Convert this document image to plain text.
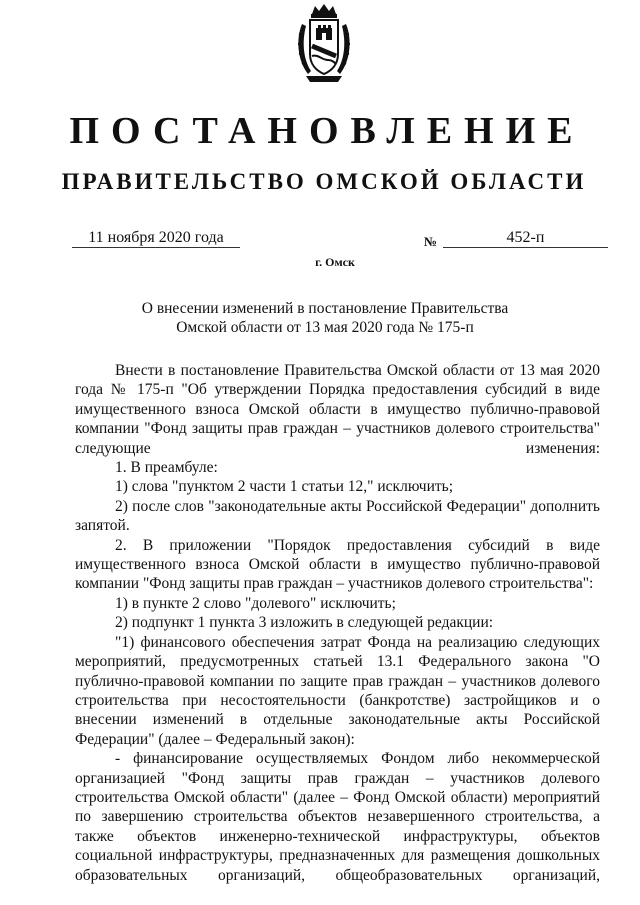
ПОСТАНОВЛЕНИЕ
ПРАВИТЕЛЬСТВО ОМСКОЙ ОБЛАСТИ
11 ноября 2020 года	№	452-п
г. Омск
О внесении изменений в постановление Правительства
Омской области от 13 мая 2020 года № 175-п

Внести в постановление Правительства Омской области от 13 мая 2020 года № 175-п "Об утверждении Порядка предоставления субсидий в виде имущественного взноса Омской области в имущество публично-правовой компании "Фонд защиты прав граждан – участников долевого строительства" следующие изменения:

1. В преамбуле:

1) слова "пунктом 2 части 1 статьи 12," исключить;

2) после слов "законодательные акты Российской Федерации" дополнить запятой.

2. В приложении "Порядок предоставления субсидий в виде имущественного взноса Омской области в имущество публично-правовой компании "Фонд защиты прав граждан – участников долевого строительства":

1) в пункте 2 слово "долевого" исключить;

2) подпункт 1 пункта 3 изложить в следующей редакции:

"1) финансового обеспечения затрат Фонда на реализацию следующих мероприятий, предусмотренных статьей 13.1 Федерального закона "О публично-правовой компании по защите прав граждан – участников долевого строительства при несостоятельности (банкротстве) застройщиков и о внесении изменений в отдельные законодательные акты Российской Федерации" (далее – Федеральный закон):

- финансирование осуществляемых Фондом либо некоммерческой организацией "Фонд защиты прав граждан – участников долевого строительства Омской области" (далее – Фонд Омской области) мероприятий по завершению строительства объектов незавершенного строительства, а также объектов инженерно-технической инфраструктуры, объектов социальной инфраструктуры, предназначенных для размещения дошкольных образовательных организаций, общеобразовательных организаций,
